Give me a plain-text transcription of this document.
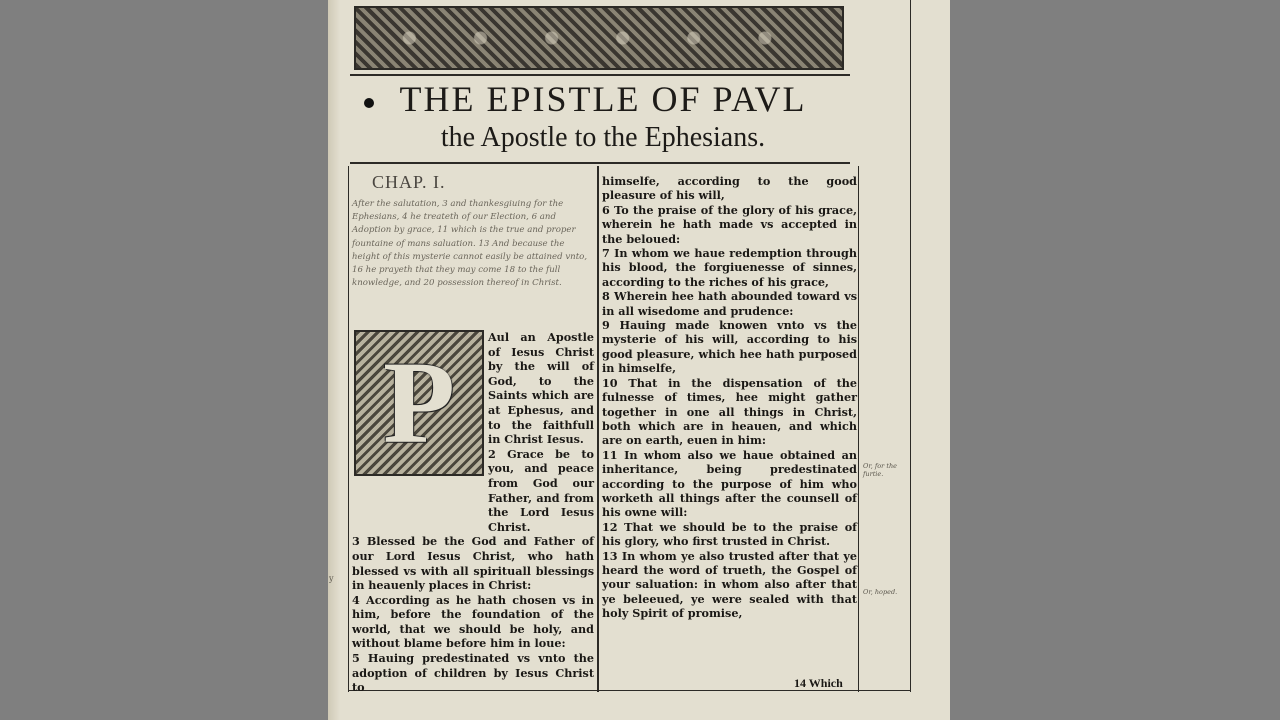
THE EPISTLE OF PAVL
the Apostle to the Ephesians.
CHAP. I.
After the salutation, 3 and thankesgiuing for the Ephesians, 4 he treateth of our Election, 6 and Adoption by grace, 11 which is the true and proper fountaine of mans saluation. 13 And because the height of this mysterie cannot easily be attained vnto, 16 he prayeth that they may come 18 to the full knowledge, and 20 possession thereof in Christ.
P	Aul an Apostle of Iesus Christ by the will of God, to the Saints which are at Ephesus, and to the faithfull in Christ Iesus.

2 Grace be to you, and peace from God our Father, and from the Lord Iesus Christ.

3 Blessed be the God and Father of our Lord Iesus Christ, who hath blessed vs with all spirituall blessings in heauenly places in Christ:

4 According as he hath chosen vs in him, before the foundation of the world, that we should be holy, and without blame before him in loue:

5 Hauing predestinated vs vnto the adoption of children by Iesus Christ to

himselfe, according to the good pleasure of his will,

6 To the praise of the glory of his grace, wherein he hath made vs accepted in the beloued:

7 In whom we haue redemption through his blood, the forgiuenesse of sinnes, according to the riches of his grace,

8 Wherein hee hath abounded toward vs in all wisedome and prudence:

9 Hauing made knowen vnto vs the mysterie of his will, according to his good pleasure, which hee hath purposed in himselfe,

10 That in the dispensation of the fulnesse of times, hee might gather together in one all things in Christ, both which are in heauen, and which are on earth, euen in him:

11 In whom also we haue obtained an inheritance, being predestinated according to the purpose of him who worketh all things after the counsell of his owne will:

12 That we should be to the praise of his glory, who first trusted in Christ.

13 In whom ye also trusted after that ye heard the word of trueth, the Gospel of your saluation: in whom also after that ye beleeued, ye were sealed with that holy Spirit of promise,

Or, for the furtie.
Or, hoped.
y
14 Which
